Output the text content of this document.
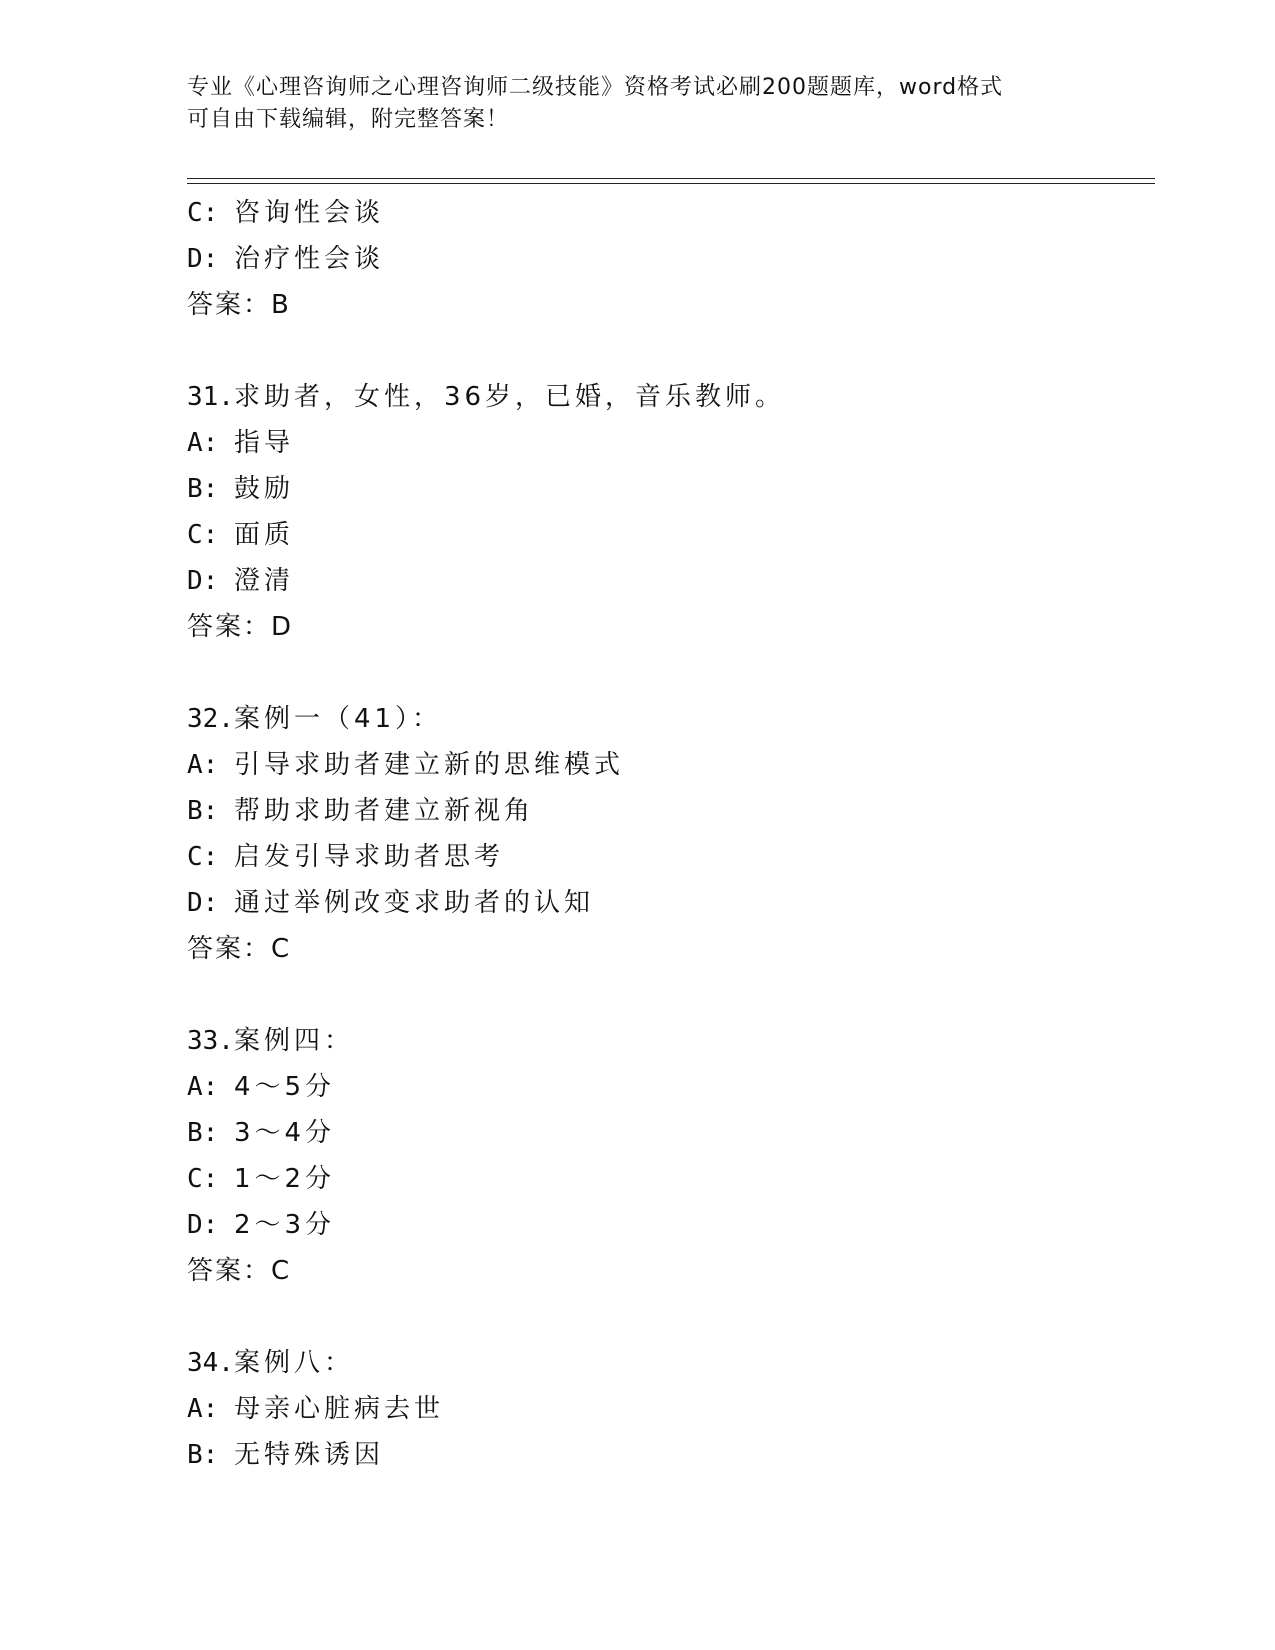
专业《心理咨询师之心理咨询师二级技能》资格考试必刷200题题库，word格式
可自由下载编辑，附完整答案！
C: 咨询性会谈
D: 治疗性会谈
答案：B
31.求助者，女性，36岁，已婚，音乐教师。
A: 指导
B: 鼓励
C: 面质
D: 澄清
答案：D
32.案例一（41）：
A: 引导求助者建立新的思维模式
B: 帮助求助者建立新视角
C: 启发引导求助者思考
D: 通过举例改变求助者的认知
答案：C
33.案例四：
A: 4～5分
B: 3～4分
C: 1～2分
D: 2～3分
答案：C
34.案例八：
A: 母亲心脏病去世
B: 无特殊诱因
